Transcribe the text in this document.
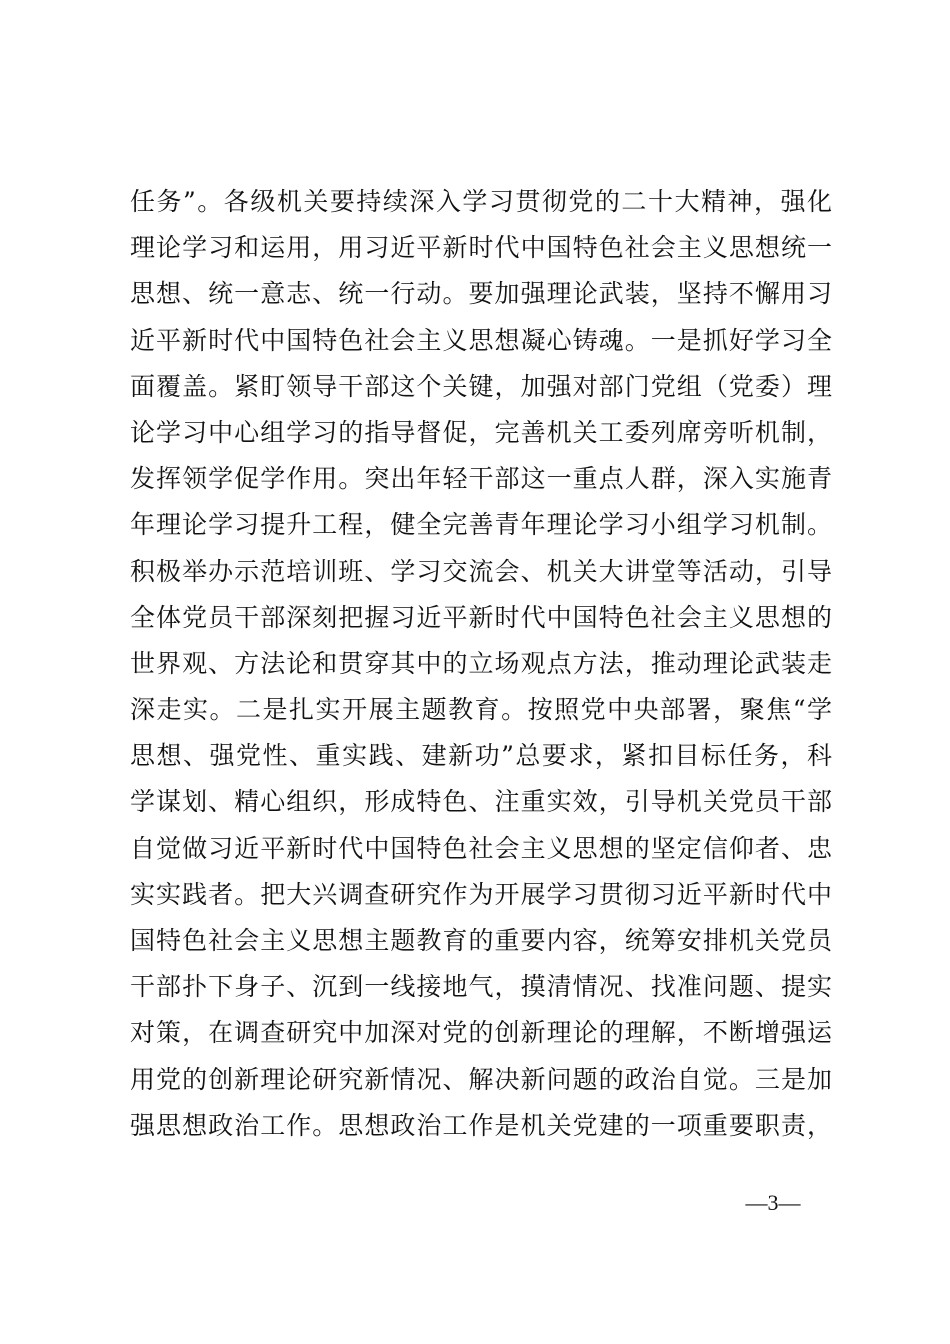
任务”。各级机关要持续深入学习贯彻党的二十大精神，强化
理论学习和运用，用习近平新时代中国特色社会主义思想统一
思想、统一意志、统一行动。要加强理论武装，坚持不懈用习
近平新时代中国特色社会主义思想凝心铸魂。一是抓好学习全
面覆盖。紧盯领导干部这个关键，加强对部门党组（党委）理
论学习中心组学习的指导督促，完善机关工委列席旁听机制，
发挥领学促学作用。突出年轻干部这一重点人群，深入实施青
年理论学习提升工程，健全完善青年理论学习小组学习机制。
积极举办示范培训班、学习交流会、机关大讲堂等活动，引导
全体党员干部深刻把握习近平新时代中国特色社会主义思想的
世界观、方法论和贯穿其中的立场观点方法，推动理论武装走
深走实。二是扎实开展主题教育。按照党中央部署，聚焦“学
思想、强党性、重实践、建新功”总要求，紧扣目标任务，科
学谋划、精心组织，形成特色、注重实效，引导机关党员干部
自觉做习近平新时代中国特色社会主义思想的坚定信仰者、忠
实实践者。把大兴调查研究作为开展学习贯彻习近平新时代中
国特色社会主义思想主题教育的重要内容，统筹安排机关党员
干部扑下身子、沉到一线接地气，摸清情况、找准问题、提实
对策，在调查研究中加深对党的创新理论的理解，不断增强运
用党的创新理论研究新情况、解决新问题的政治自觉。三是加
强思想政治工作。思想政治工作是机关党建的一项重要职责，
—3—
